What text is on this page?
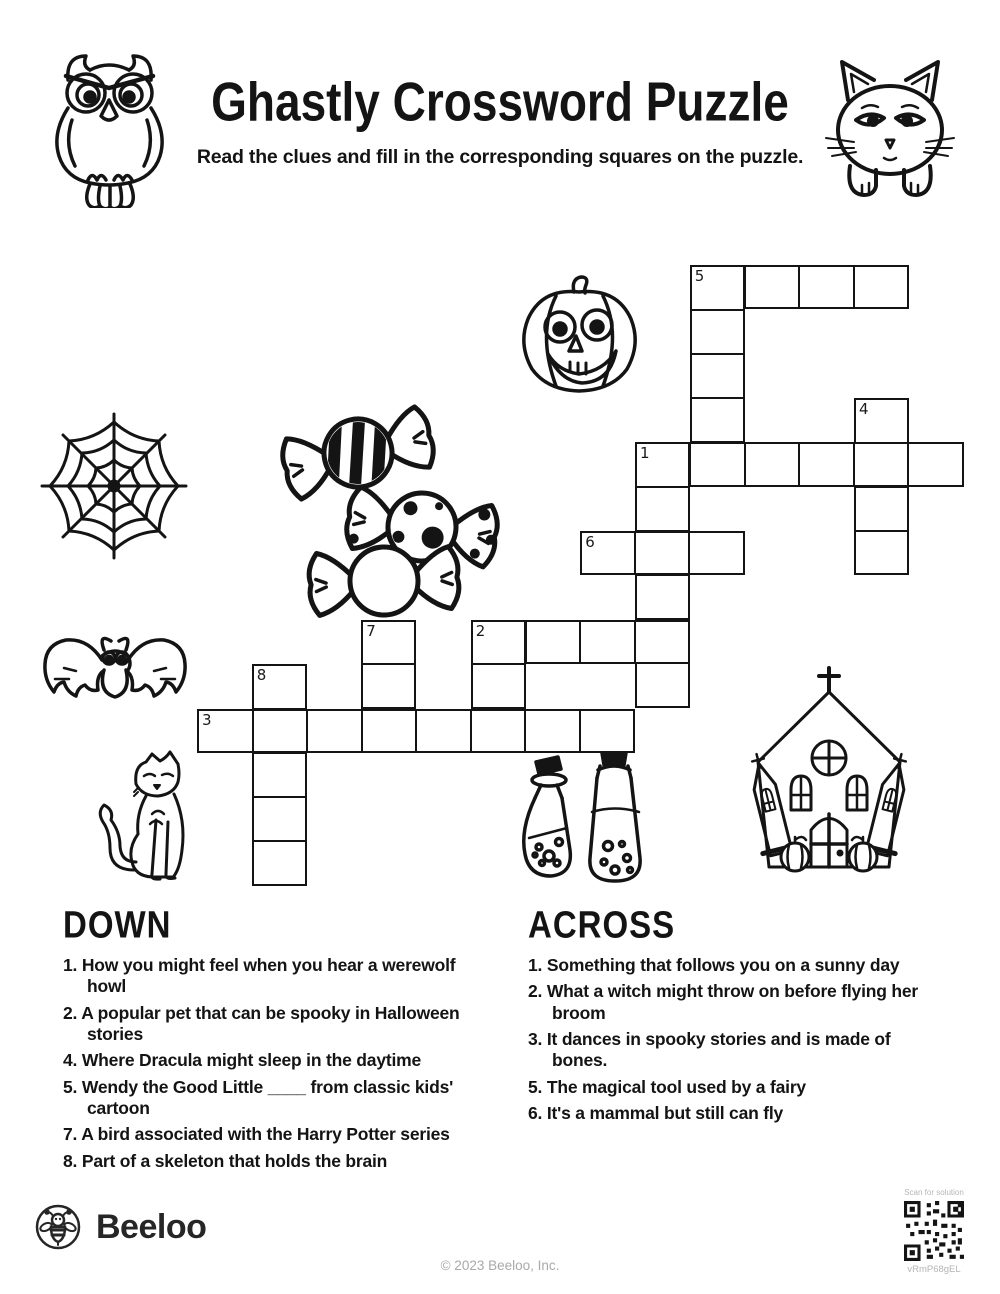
Ghastly Crossword Puzzle
Read the clues and fill in the corresponding squares on the puzzle.
5
4
1
6
7	2
8
3
DOWN
1. How you might feel when you hear a werewolf howl
2. A popular pet that can be spooky in Halloween stories
4. Where Dracula might sleep in the daytime
5. Wendy the Good Little ____ from classic kids' cartoon
7. A bird associated with the Harry Potter series
8. Part of a skeleton that holds the brain
ACROSS
1. Something that follows you on a sunny day
2. What a witch might throw on before flying her broom
3. It dances in spooky stories and is made of bones.
5. The magical tool used by a fairy
6. It's a mammal but still can fly
Beeloo
© 2023 Beeloo, Inc.
Scan for solution
vRmP68gEL
